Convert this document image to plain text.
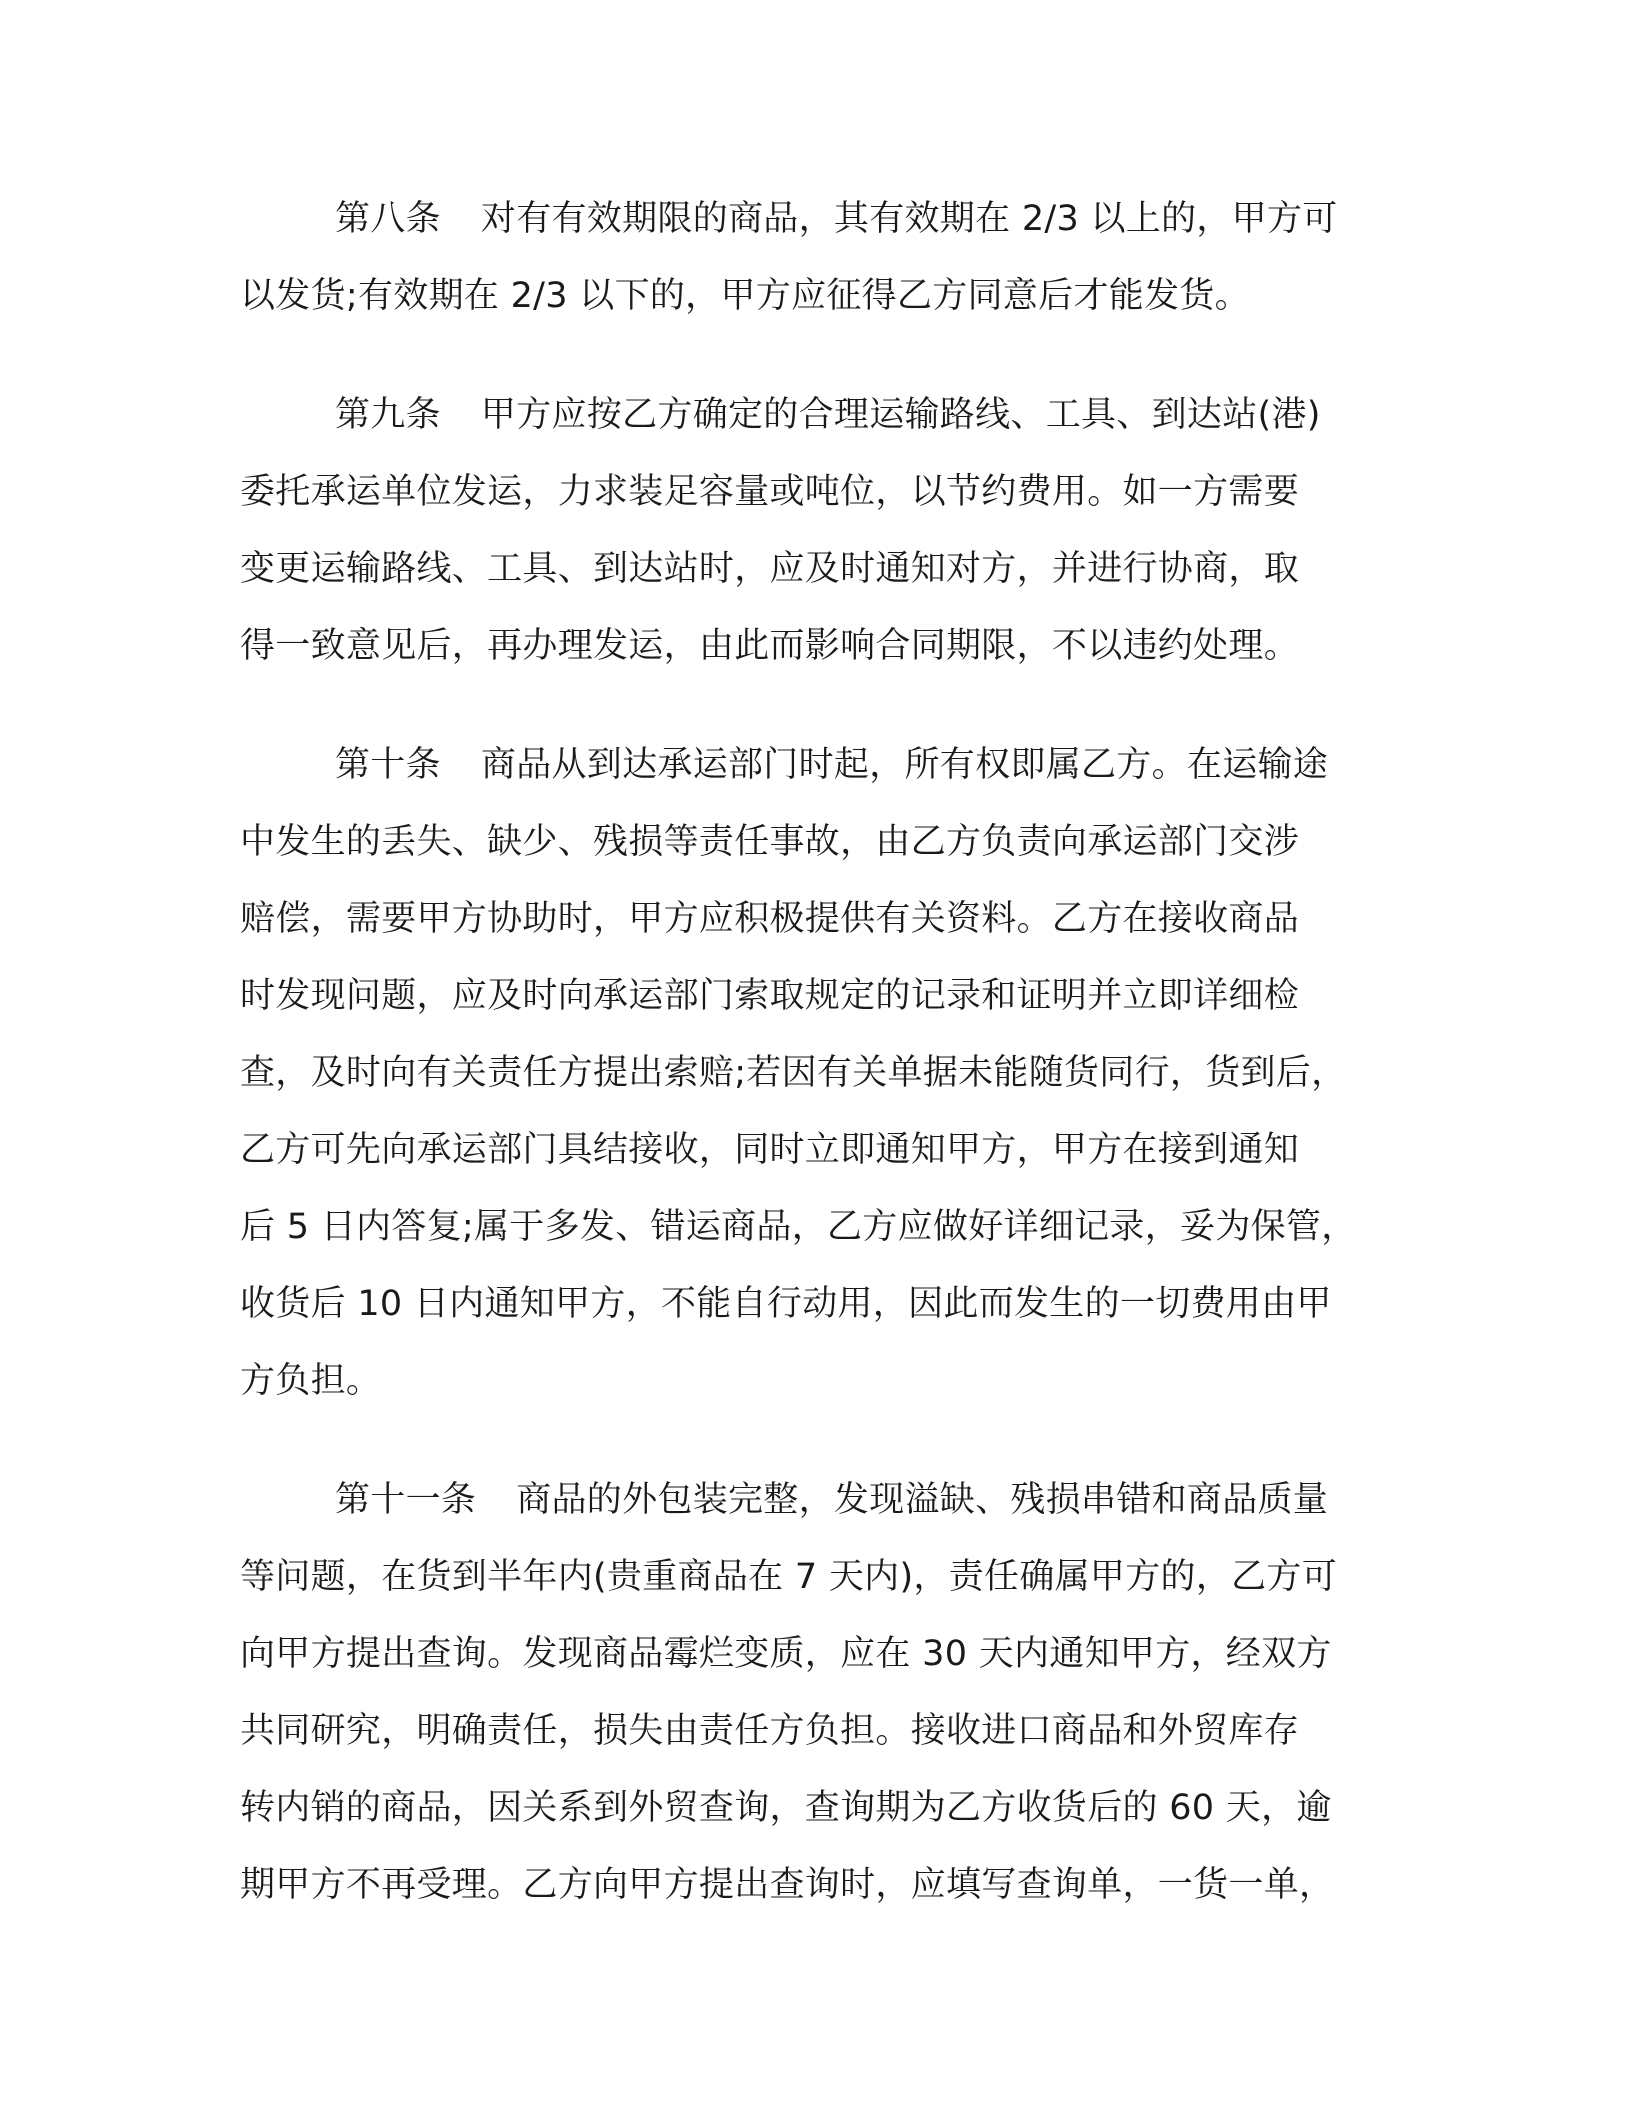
第八条 对有有效期限的商品，其有效期在 2/3 以上的，甲方可
以发货;有效期在 2/3 以下的，甲方应征得乙方同意后才能发货。
第九条 甲方应按乙方确定的合理运输路线、工具、到达站(港)
委托承运单位发运，力求装足容量或吨位，以节约费用。如一方需要
变更运输路线、工具、到达站时，应及时通知对方，并进行协商，取
得一致意见后，再办理发运，由此而影响合同期限，不以违约处理。
第十条 商品从到达承运部门时起，所有权即属乙方。在运输途
中发生的丢失、缺少、残损等责任事故，由乙方负责向承运部门交涉
赔偿，需要甲方协助时，甲方应积极提供有关资料。乙方在接收商品
时发现问题，应及时向承运部门索取规定的记录和证明并立即详细检
查，及时向有关责任方提出索赔;若因有关单据未能随货同行，货到后，
乙方可先向承运部门具结接收，同时立即通知甲方，甲方在接到通知
后 5 日内答复;属于多发、错运商品，乙方应做好详细记录，妥为保管，
收货后 10 日内通知甲方，不能自行动用，因此而发生的一切费用由甲
方负担。
第十一条 商品的外包装完整，发现溢缺、残损串错和商品质量
等问题，在货到半年内(贵重商品在 7 天内)，责任确属甲方的，乙方可
向甲方提出查询。发现商品霉烂变质，应在 30 天内通知甲方，经双方
共同研究，明确责任，损失由责任方负担。接收进口商品和外贸库存
转内销的商品，因关系到外贸查询，查询期为乙方收货后的 60 天，逾
期甲方不再受理。乙方向甲方提出查询时，应填写查询单，一货一单，
